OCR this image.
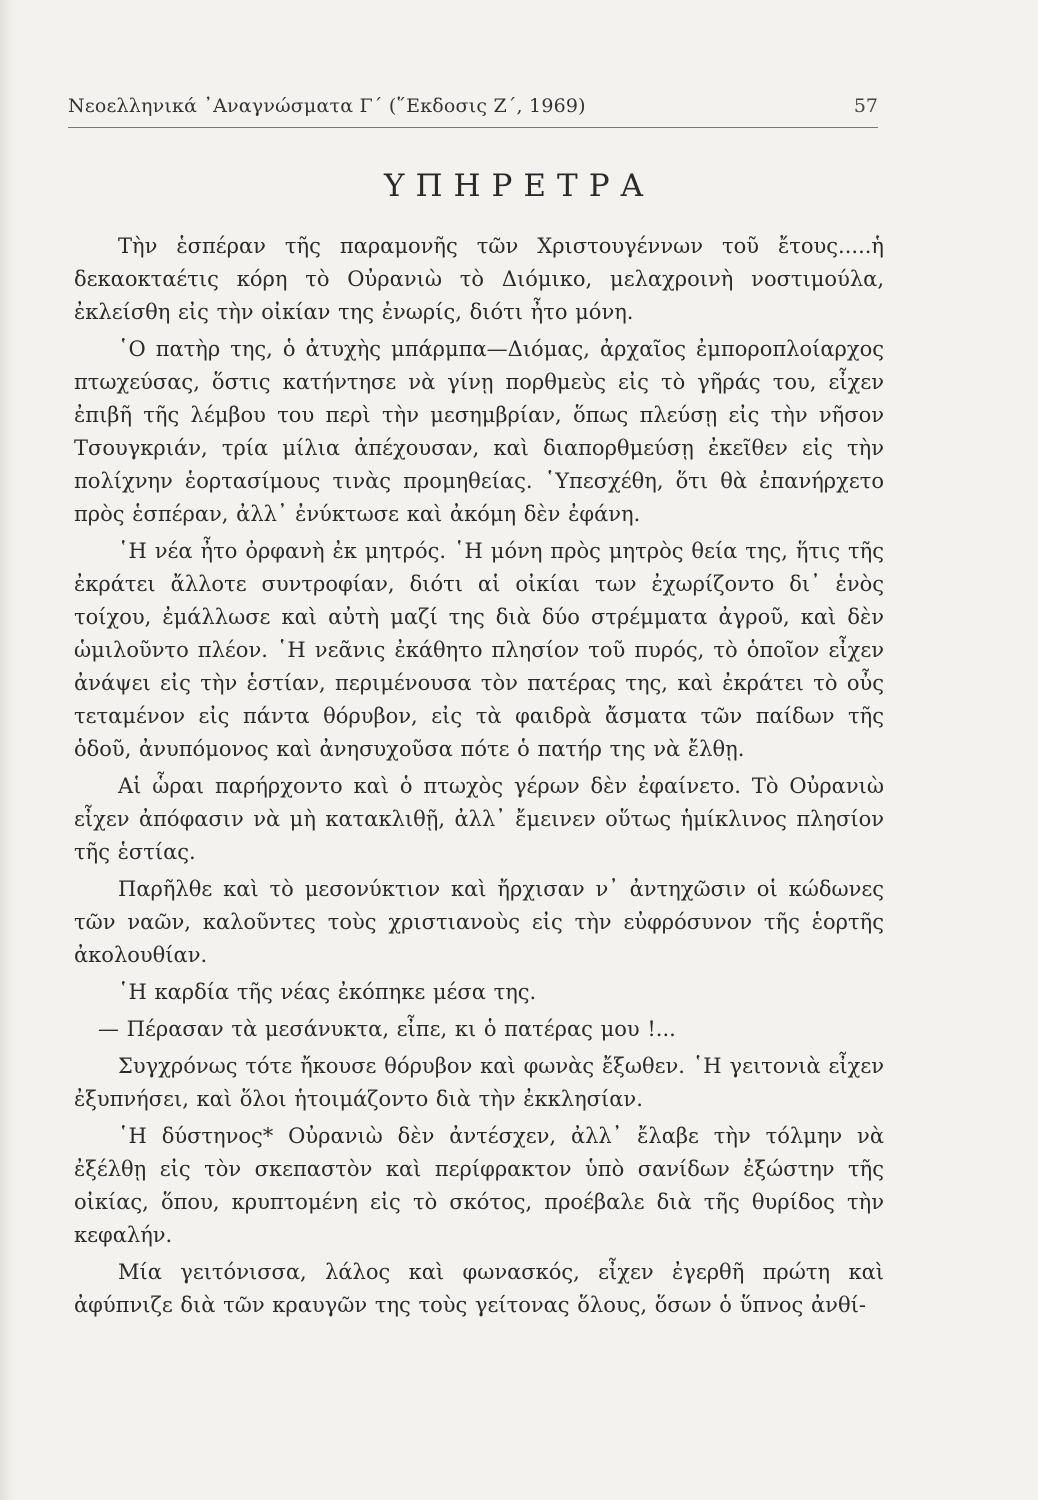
Νεοελληνικά ᾿Αναγνώσματα Γ΄ (῞Εκδοσις Ζ΄, 1969)	57
ΥΠΗΡΕΤΡΑ

Τὴν ἑσπέραν τῆς παραμονῆς τῶν Χριστουγέννων τοῦ ἔτους.....ἡ δεκαοκταέτις κόρη τὸ Οὐρανιὼ τὸ Διόμικο, μελαχροινὴ νοστιμούλα, ἐκλείσθη εἰς τὴν οἰκίαν της ἐνωρίς, διότι ἦτο μόνη.

῾Ο πατὴρ της, ὁ ἀτυχὴς μπάρμπα—Διόμας, ἀρχαῖος ἐμποροπλοίαρχος πτωχεύσας, ὅστις κατήντησε νὰ γίνῃ πορθμεὺς εἰς τὸ γῆράς του, εἶχεν ἐπιβῆ τῆς λέμβου του περὶ τὴν μεσημβρίαν, ὅπως πλεύσῃ εἰς τὴν νῆσον Τσουγκριάν, τρία μίλια ἀπέχουσαν, καὶ διαπορθμεύσῃ ἐκεῖθεν εἰς τὴν πολίχνην ἑορτασίμους τινὰς προμηθείας. ῾Υπεσχέθη, ὅτι θὰ ἐπανήρχετο πρὸς ἑσπέραν, ἀλλ᾿ ἐνύκτωσε καὶ ἀκόμη δὲν ἐφάνη.

῾Η νέα ἦτο ὀρφανὴ ἐκ μητρός. ῾Η μόνη πρὸς μητρὸς θεία της, ἥτις τῆς ἐκράτει ἄλλοτε συντροφίαν, διότι αἱ οἰκίαι των ἐχωρίζοντο δι᾿ ἑνὸς τοίχου, ἐμάλλωσε καὶ αὐτὴ μαζί της διὰ δύο στρέμματα ἀγροῦ, καὶ δὲν ὡμιλοῦντο πλέον. ῾Η νεᾶνις ἐκάθητο πλησίον τοῦ πυρός, τὸ ὁποῖον εἶχεν ἀνάψει εἰς τὴν ἑστίαν, περιμένουσα τὸν πατέρας της, καὶ ἐκράτει τὸ οὖς τεταμένον εἰς πάντα θόρυβον, εἰς τὰ φαιδρὰ ἄσματα τῶν παίδων τῆς ὁδοῦ, ἀνυπόμονος καὶ ἀνησυχοῦσα πότε ὁ πατήρ της νὰ ἔλθῃ.

Αἱ ὧραι παρήρχοντο καὶ ὁ πτωχὸς γέρων δὲν ἐφαίνετο. Τὸ Οὐρανιὼ εἶχεν ἀπόφασιν νὰ μὴ κατακλιθῇ, ἀλλ᾿ ἔμεινεν οὕτως ἡμίκλινος πλησίον τῆς ἑστίας.

Παρῆλθε καὶ τὸ μεσονύκτιον καὶ ἤρχισαν ν᾿ ἀντηχῶσιν οἱ κώδωνες τῶν ναῶν, καλοῦντες τοὺς χριστιανοὺς εἰς τὴν εὐφρόσυνον τῆς ἑορτῆς ἀκολουθίαν.

῾Η καρδία τῆς νέας ἐκόπηκε μέσα της.

— Πέρασαν τὰ μεσάνυκτα, εἶπε, κι ὁ πατέρας μου !...

Συγχρόνως τότε ἤκουσε θόρυβον καὶ φωνὰς ἔξωθεν. ῾Η γειτονιὰ εἶχεν ἐξυπνήσει, καὶ ὅλοι ἡτοιμάζοντο διὰ τὴν ἐκκλησίαν.

῾Η δύστηνος* Οὐρανιὼ δὲν ἀντέσχεν, ἀλλ᾿ ἔλαβε τὴν τόλμην νὰ ἐξέλθῃ εἰς τὸν σκεπαστὸν καὶ περίφρακτον ὑπὸ σανίδων ἐξώστην τῆς οἰκίας, ὅπου, κρυπτομένη εἰς τὸ σκότος, προέβαλε διὰ τῆς θυρίδος τὴν κεφαλήν.

Μία γειτόνισσα, λάλος καὶ φωνασκός, εἶχεν ἐγερθῆ πρώτη καὶ ἀφύπνιζε διὰ τῶν κραυγῶν της τοὺς γείτονας ὅλους, ὅσων ὁ ὕπνος ἀνθί-
